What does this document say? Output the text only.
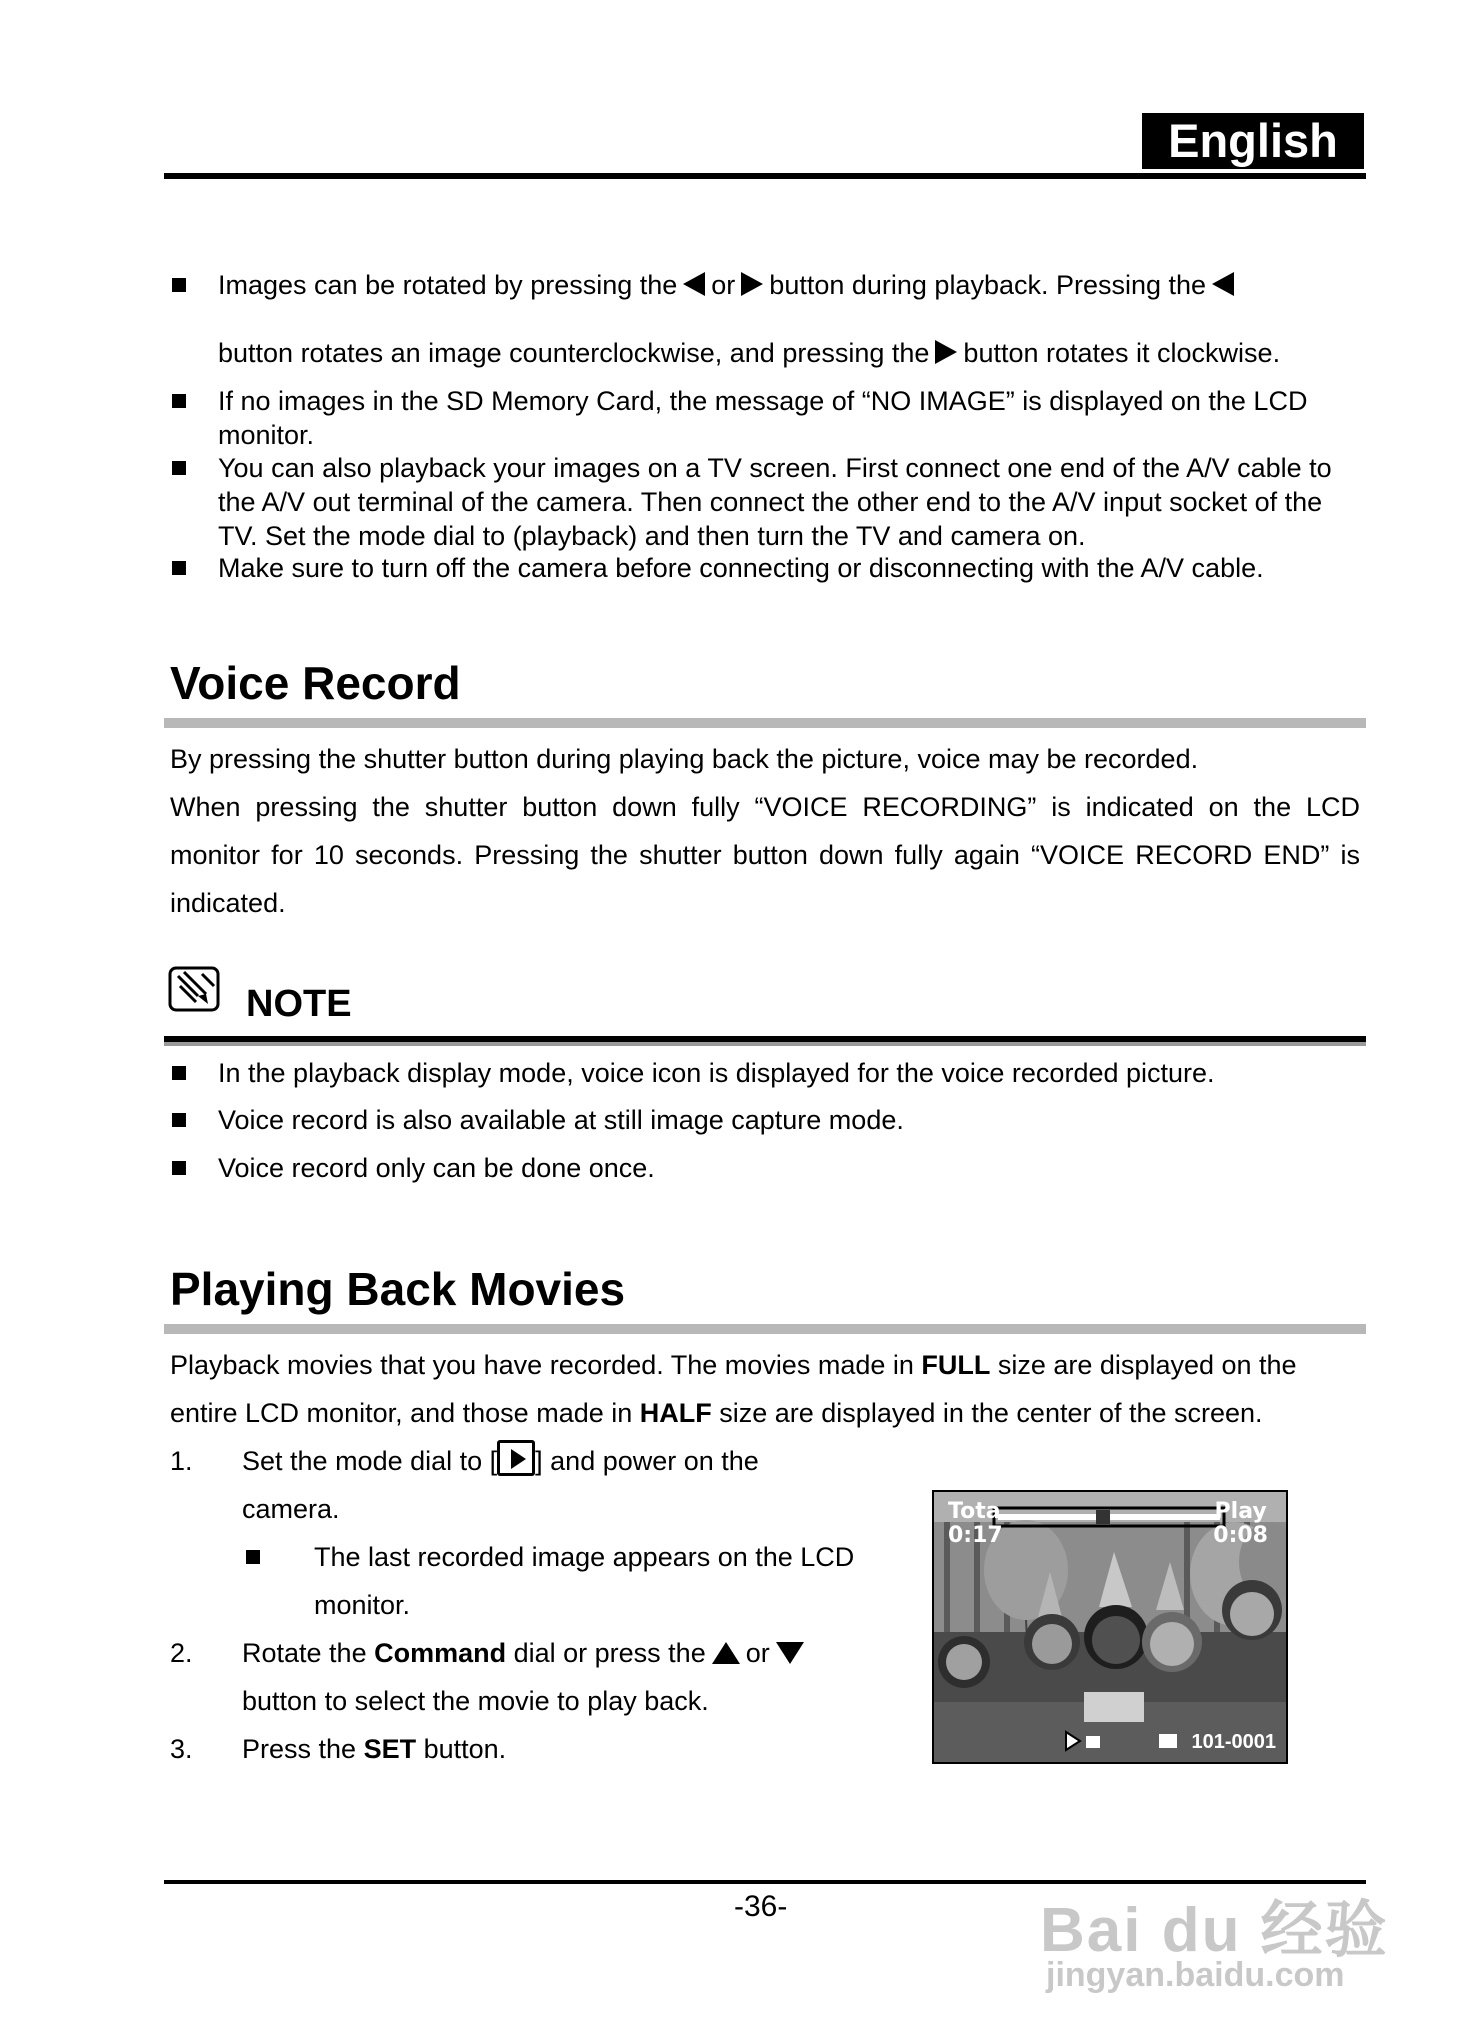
English
Images can be rotated by pressing the or button during playback. Pressing the
button rotates an image counterclockwise, and pressing the button rotates it clockwise.
If no images in the SD Memory Card, the message of “NO IMAGE” is displayed on the LCD monitor.
You can also playback your images on a TV screen. First connect one end of the A/V cable to the A/V out terminal of the camera. Then connect the other end to the A/V input socket of the TV. Set the mode dial to (playback) and then turn the TV and camera on.
Make sure to turn off the camera before connecting or disconnecting with the A/V cable.
Voice Record
By pressing the shutter button during playing back the picture, voice may be recorded.
When pressing the shutter button down fully “VOICE RECORDING” is indicated on the LCD monitor for 10 seconds. Pressing the shutter button down fully again “VOICE RECORD END” is indicated.
NOTE
In the playback display mode, voice icon is displayed for the voice recorded picture.
Voice record is also available at still image capture mode.
Voice record only can be done once.
Playing Back Movies
Playback movies that you have recorded. The movies made in FULL size are displayed on the entire LCD monitor, and those made in HALF size are displayed in the center of the screen.
1. Set the mode dial to [ ] and power on the
camera.
The last recorded image appears on the LCD monitor.
2. Rotate the Command dial or press the or
button to select the movie to play back.
3. Press the SET button.
Tota
0:17
Play
0:08
101-0001
-36-	Bai du 经验
jingyan.baidu.com
